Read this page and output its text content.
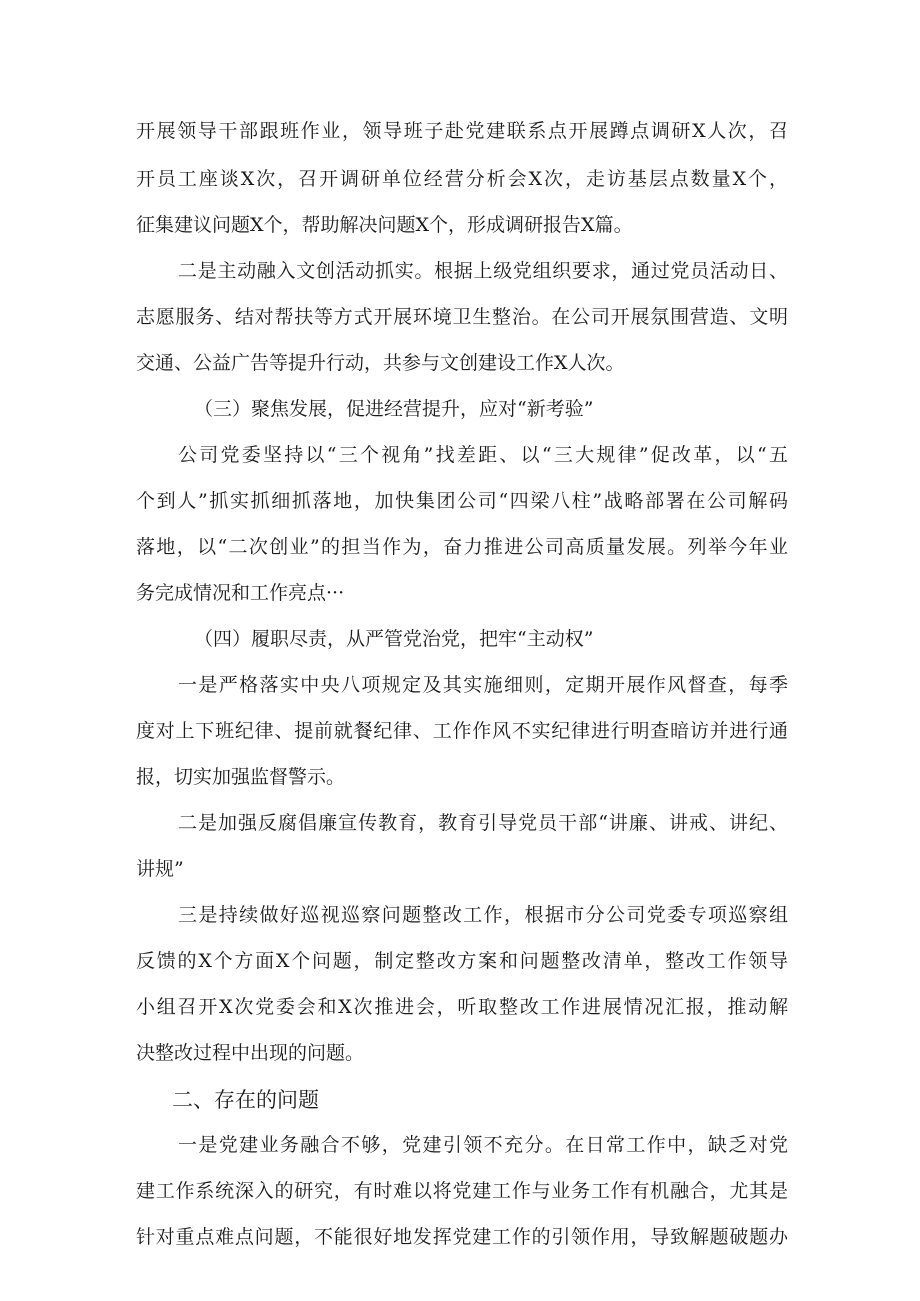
开展领导干部跟班作业，领导班子赴党建联系点开展蹲点调研X人次，召
开员工座谈X次，召开调研单位经营分析会X次，走访基层点数量X个，
征集建议问题X个，帮助解决问题X个，形成调研报告X篇。
二是主动融入文创活动抓实。根据上级党组织要求，通过党员活动日、
志愿服务、结对帮扶等方式开展环境卫生整治。在公司开展氛围营造、文明
交通、公益广告等提升行动，共参与文创建设工作X人次。
（三）聚焦发展，促进经营提升，应对“新考验”
公司党委坚持以“三个视角”找差距、以“三大规律”促改革，以“五
个到人”抓实抓细抓落地，加快集团公司“四梁八柱”战略部署在公司解码
落地，以“二次创业”的担当作为，奋力推进公司高质量发展。列举今年业
务完成情况和工作亮点···
（四）履职尽责，从严管党治党，把牢“主动权”
一是严格落实中央八项规定及其实施细则，定期开展作风督查，每季
度对上下班纪律、提前就餐纪律、工作作风不实纪律进行明查暗访并进行通
报，切实加强监督警示。
二是加强反腐倡廉宣传教育，教育引导党员干部“讲廉、讲戒、讲纪、
讲规”
三是持续做好巡视巡察问题整改工作，根据市分公司党委专项巡察组
反馈的X个方面X个问题，制定整改方案和问题整改清单，整改工作领导
小组召开X次党委会和X次推进会，听取整改工作进展情况汇报，推动解
决整改过程中出现的问题。
二、存在的问题
一是党建业务融合不够，党建引领不充分。在日常工作中，缺乏对党
建工作系统深入的研究，有时难以将党建工作与业务工作有机融合，尤其是
针对重点难点问题，不能很好地发挥党建工作的引领作用，导致解题破题办
